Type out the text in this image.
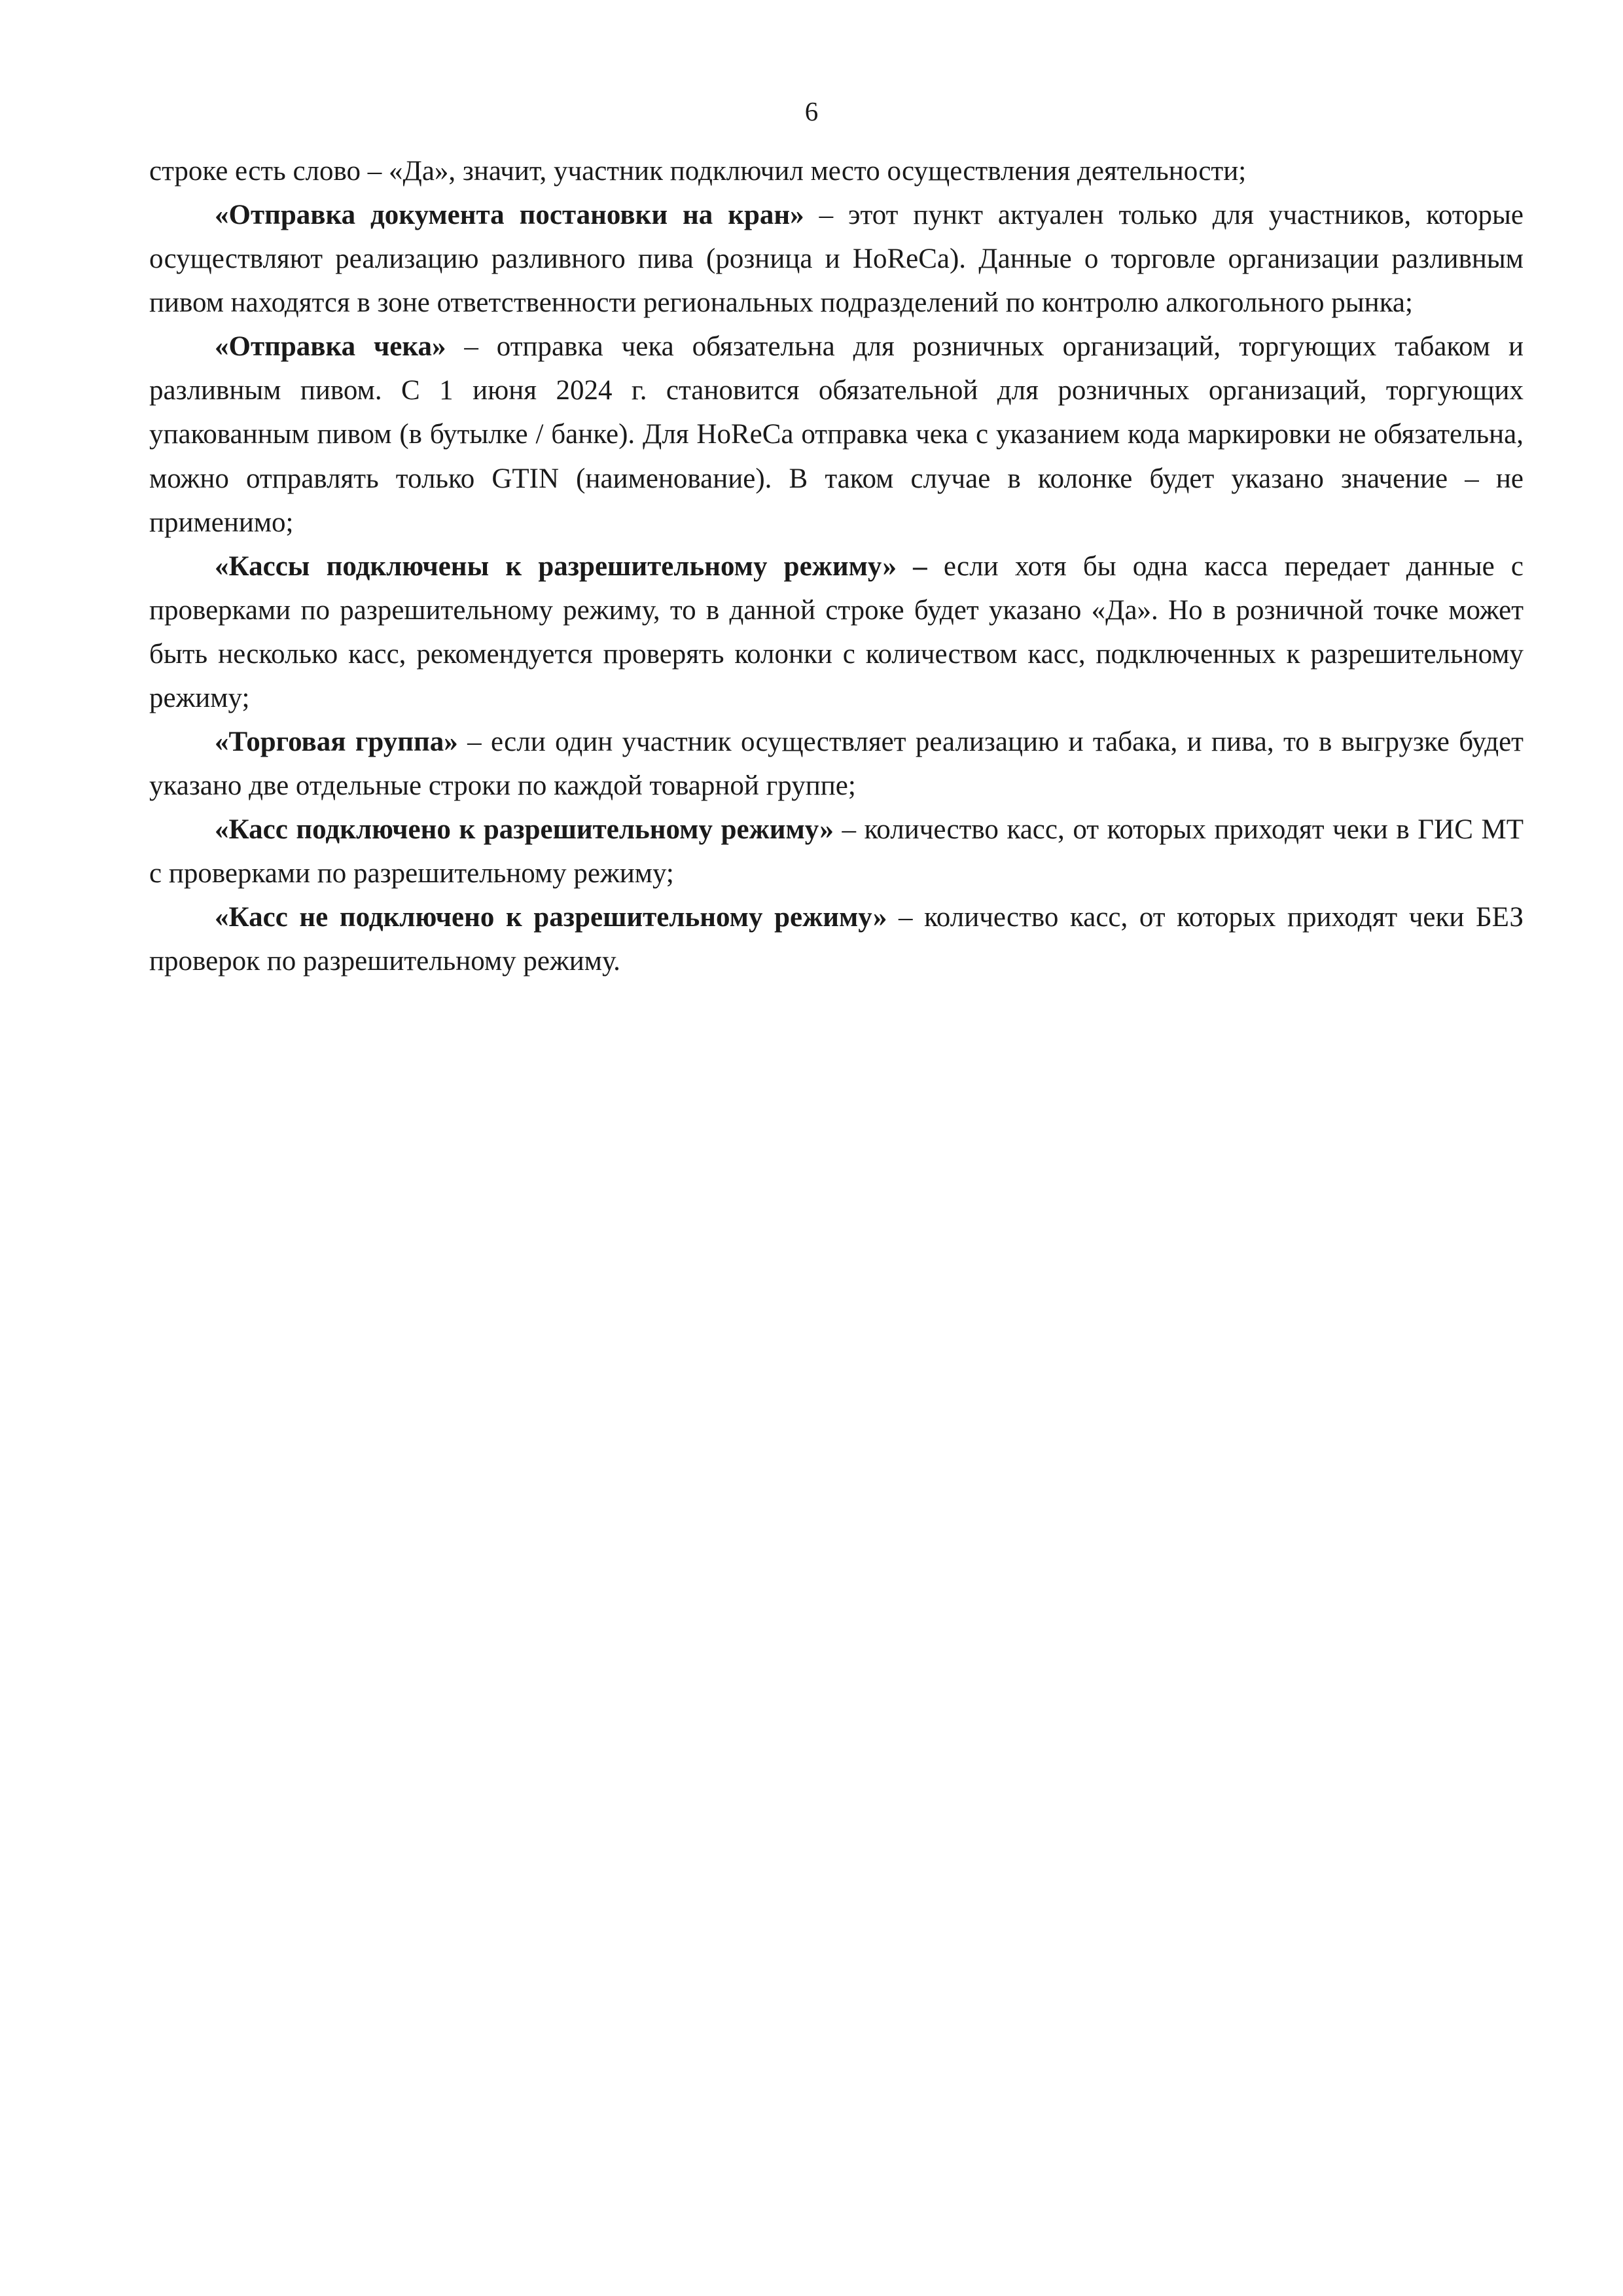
6

строке есть слово – «Да», значит, участник подключил место осуществления деятельности;

«Отправка документа постановки на кран» – этот пункт актуален только для участников, которые осуществляют реализацию разливного пива (розница и HoReCa). Данные о торговле организации разливным пивом находятся в зоне ответственности региональных подразделений по контролю алкогольного рынка;

«Отправка чека» – отправка чека обязательна для розничных организаций, торгующих табаком и разливным пивом. С 1 июня 2024 г. становится обязательной для розничных организаций, торгующих упакованным пивом (в бутылке / банке). Для HoReCa отправка чека с указанием кода маркировки не обязательна, можно отправлять только GTIN (наименование). В таком случае в колонке будет указано значение – не применимо;

«Кассы подключены к разрешительному режиму» – если хотя бы одна касса передает данные с проверками по разрешительному режиму, то в данной строке будет указано «Да». Но в розничной точке может быть несколько касс, рекомендуется проверять колонки с количеством касс, подключенных к разрешительному режиму;

«Торговая группа» – если один участник осуществляет реализацию и табака, и пива, то в выгрузке будет указано две отдельные строки по каждой товарной группе;

«Касс подключено к разрешительному режиму» – количество касс, от которых приходят чеки в ГИС МТ с проверками по разрешительному режиму;

«Касс не подключено к разрешительному режиму» – количество касс, от которых приходят чеки БЕЗ проверок по разрешительному режиму.
